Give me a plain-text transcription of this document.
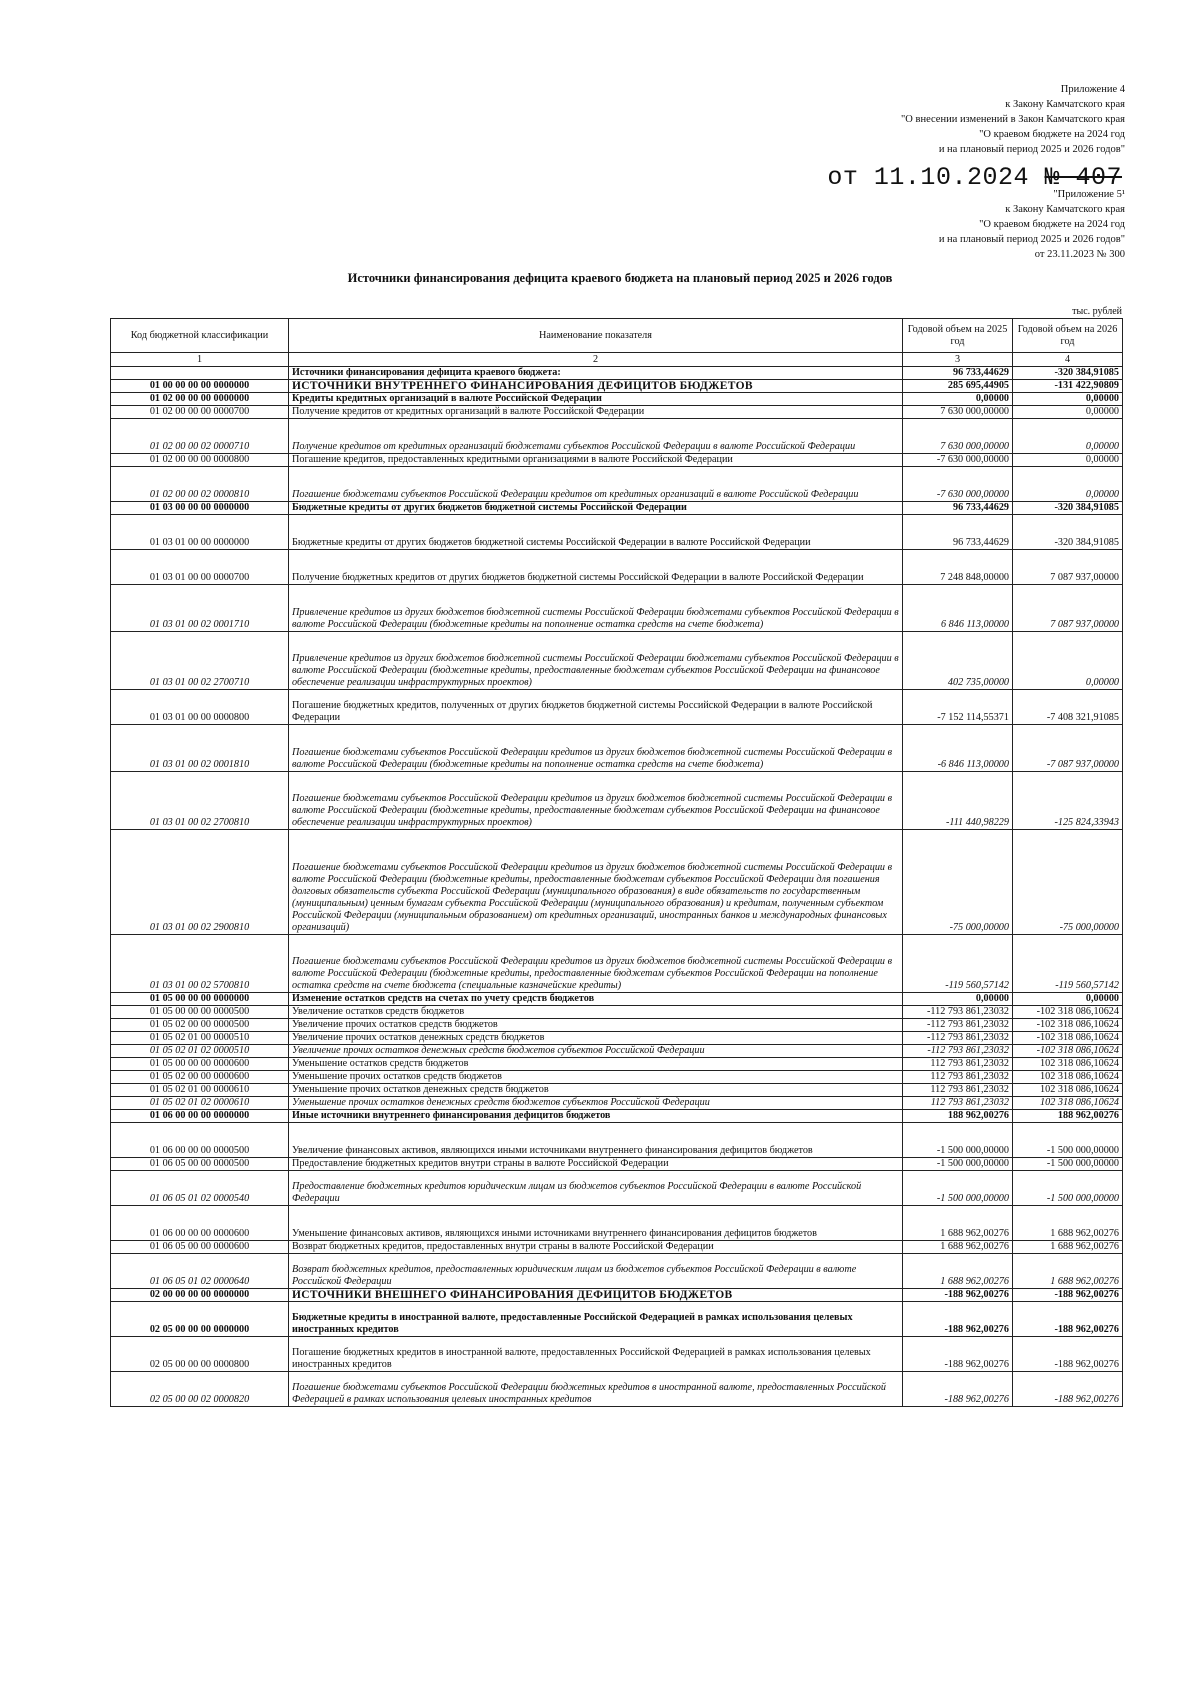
Приложение 4
к Закону Камчатского края
"О внесении изменений в Закон Камчатского края
"О краевом бюджете на 2024 год
и на плановый период 2025 и 2026 годов"
от 11.10.2024 № 407
"Приложение 5¹
к Закону Камчатского края
"О краевом бюджете на 2024 год
и на плановый период 2025 и 2026 годов"
от 23.11.2023 № 300
Источники финансирования дефицита краевого бюджета на плановый период 2025 и 2026 годов
тыс. рублей
Код бюджетной классификации	Наименование показателя	Годовой объем на 2025 год	Годовой объем на 2026 год
1	2	3	4
	Источники финансирования дефицита краевого бюджета:	96 733,44629	-320 384,91085
01 00 00 00 00 0000000	ИСТОЧНИКИ ВНУТРЕННЕГО ФИНАНСИРОВАНИЯ ДЕФИЦИТОВ БЮДЖЕТОВ	285 695,44905	-131 422,90809
01 02 00 00 00 0000000	Кредиты кредитных организаций в валюте Российской Федерации	0,00000	0,00000
01 02 00 00 00 0000700	Получение кредитов от кредитных организаций в валюте Российской Федерации	7 630 000,00000	0,00000
01 02 00 00 02 0000710	Получение кредитов от кредитных организаций бюджетами субъектов Российской Федерации в валюте Российской Федерации	7 630 000,00000	0,00000
01 02 00 00 00 0000800	Погашение кредитов, предоставленных кредитными организациями в валюте Российской Федерации	-7 630 000,00000	0,00000
01 02 00 00 02 0000810	Погашение бюджетами субъектов Российской Федерации кредитов от кредитных организаций в валюте Российской Федерации	-7 630 000,00000	0,00000
01 03 00 00 00 0000000	Бюджетные кредиты от других бюджетов бюджетной системы Российской Федерации	96 733,44629	-320 384,91085
01 03 01 00 00 0000000	Бюджетные кредиты от других бюджетов бюджетной системы Российской Федерации в валюте Российской Федерации	96 733,44629	-320 384,91085
01 03 01 00 00 0000700	Получение бюджетных кредитов от других бюджетов бюджетной системы Российской Федерации в валюте Российской Федерации	7 248 848,00000	7 087 937,00000
01 03 01 00 02 0001710	Привлечение кредитов из других бюджетов бюджетной системы Российской Федерации бюджетами субъектов Российской Федерации в валюте Российской Федерации (бюджетные кредиты на пополнение остатка средств на счете бюджета)	6 846 113,00000	7 087 937,00000
01 03 01 00 02 2700710	Привлечение кредитов из других бюджетов бюджетной системы Российской Федерации бюджетами субъектов Российской Федерации в валюте Российской Федерации (бюджетные кредиты, предоставленные бюджетам субъектов Российской Федерации на финансовое обеспечение реализации инфраструктурных проектов)	402 735,00000	0,00000
01 03 01 00 00 0000800	Погашение бюджетных кредитов, полученных от других бюджетов бюджетной системы Российской Федерации в валюте Российской Федерации	-7 152 114,55371	-7 408 321,91085
01 03 01 00 02 0001810	Погашение бюджетами субъектов Российской Федерации кредитов из других бюджетов бюджетной системы Российской Федерации в валюте Российской Федерации (бюджетные кредиты на пополнение остатка средств на счете бюджета)	-6 846 113,00000	-7 087 937,00000
01 03 01 00 02 2700810	Погашение бюджетами субъектов Российской Федерации кредитов из других бюджетов бюджетной системы Российской Федерации в валюте Российской Федерации (бюджетные кредиты, предоставленные бюджетам субъектов Российской Федерации на финансовое обеспечение реализации инфраструктурных проектов)	-111 440,98229	-125 824,33943
01 03 01 00 02 2900810	Погашение бюджетами субъектов Российской Федерации кредитов из других бюджетов бюджетной системы Российской Федерации в валюте Российской Федерации (бюджетные кредиты, предоставленные бюджетам субъектов Российской Федерации для погашения долговых обязательств субъекта Российской Федерации (муниципального образования) в виде обязательств по государственным (муниципальным) ценным бумагам субъекта Российской Федерации (муниципального образования) и кредитам, полученным субъектом Российской Федерации (муниципальным образованием) от кредитных организаций, иностранных банков и международных финансовых организаций)	-75 000,00000	-75 000,00000
01 03 01 00 02 5700810	Погашение бюджетами субъектов Российской Федерации кредитов из других бюджетов бюджетной системы Российской Федерации в валюте Российской Федерации (бюджетные кредиты, предоставленные бюджетам субъектов Российской Федерации на пополнение остатка средств на счете бюджета (специальные казначейские кредиты)	-119 560,57142	-119 560,57142
01 05 00 00 00 0000000	Изменение остатков средств на счетах по учету средств бюджетов	0,00000	0,00000
01 05 00 00 00 0000500	Увеличение остатков средств бюджетов	-112 793 861,23032	-102 318 086,10624
01 05 02 00 00 0000500	Увеличение прочих остатков средств бюджетов	-112 793 861,23032	-102 318 086,10624
01 05 02 01 00 0000510	Увеличение прочих остатков денежных средств бюджетов	-112 793 861,23032	-102 318 086,10624
01 05 02 01 02 0000510	Увеличение прочих остатков денежных средств бюджетов субъектов Российской Федерации	-112 793 861,23032	-102 318 086,10624
01 05 00 00 00 0000600	Уменьшение остатков средств бюджетов	112 793 861,23032	102 318 086,10624
01 05 02 00 00 0000600	Уменьшение прочих остатков средств бюджетов	112 793 861,23032	102 318 086,10624
01 05 02 01 00 0000610	Уменьшение прочих остатков денежных средств бюджетов	112 793 861,23032	102 318 086,10624
01 05 02 01 02 0000610	Уменьшение прочих остатков денежных средств бюджетов субъектов Российской Федерации	112 793 861,23032	102 318 086,10624
01 06 00 00 00 0000000	Иные источники внутреннего финансирования дефицитов бюджетов	188 962,00276	188 962,00276
01 06 00 00 00 0000500	Увеличение финансовых активов, являющихся иными источниками внутреннего финансирования дефицитов бюджетов	-1 500 000,00000	-1 500 000,00000
01 06 05 00 00 0000500	Предоставление бюджетных кредитов внутри страны в валюте Российской Федерации	-1 500 000,00000	-1 500 000,00000
01 06 05 01 02 0000540	Предоставление бюджетных кредитов юридическим лицам из бюджетов субъектов Российской Федерации в валюте Российской Федерации	-1 500 000,00000	-1 500 000,00000
01 06 00 00 00 0000600	Уменьшение финансовых активов, являющихся иными источниками внутреннего финансирования дефицитов бюджетов	1 688 962,00276	1 688 962,00276
01 06 05 00 00 0000600	Возврат бюджетных кредитов, предоставленных внутри страны в валюте Российской Федерации	1 688 962,00276	1 688 962,00276
01 06 05 01 02 0000640	Возврат бюджетных кредитов, предоставленных юридическим лицам из бюджетов субъектов Российской Федерации в валюте Российской Федерации	1 688 962,00276	1 688 962,00276
02 00 00 00 00 0000000	ИСТОЧНИКИ ВНЕШНЕГО ФИНАНСИРОВАНИЯ ДЕФИЦИТОВ БЮДЖЕТОВ	-188 962,00276	-188 962,00276
02 05 00 00 00 0000000	Бюджетные кредиты в иностранной валюте, предоставленные Российской Федерацией в рамках использования целевых иностранных кредитов	-188 962,00276	-188 962,00276
02 05 00 00 00 0000800	Погашение бюджетных кредитов в иностранной валюте, предоставленных Российской Федерацией в рамках использования целевых иностранных кредитов	-188 962,00276	-188 962,00276
02 05 00 00 02 0000820	Погашение бюджетами субъектов Российской Федерации бюджетных кредитов в иностранной валюте, предоставленных Российской Федерацией в рамках использования целевых иностранных кредитов	-188 962,00276	-188 962,00276
